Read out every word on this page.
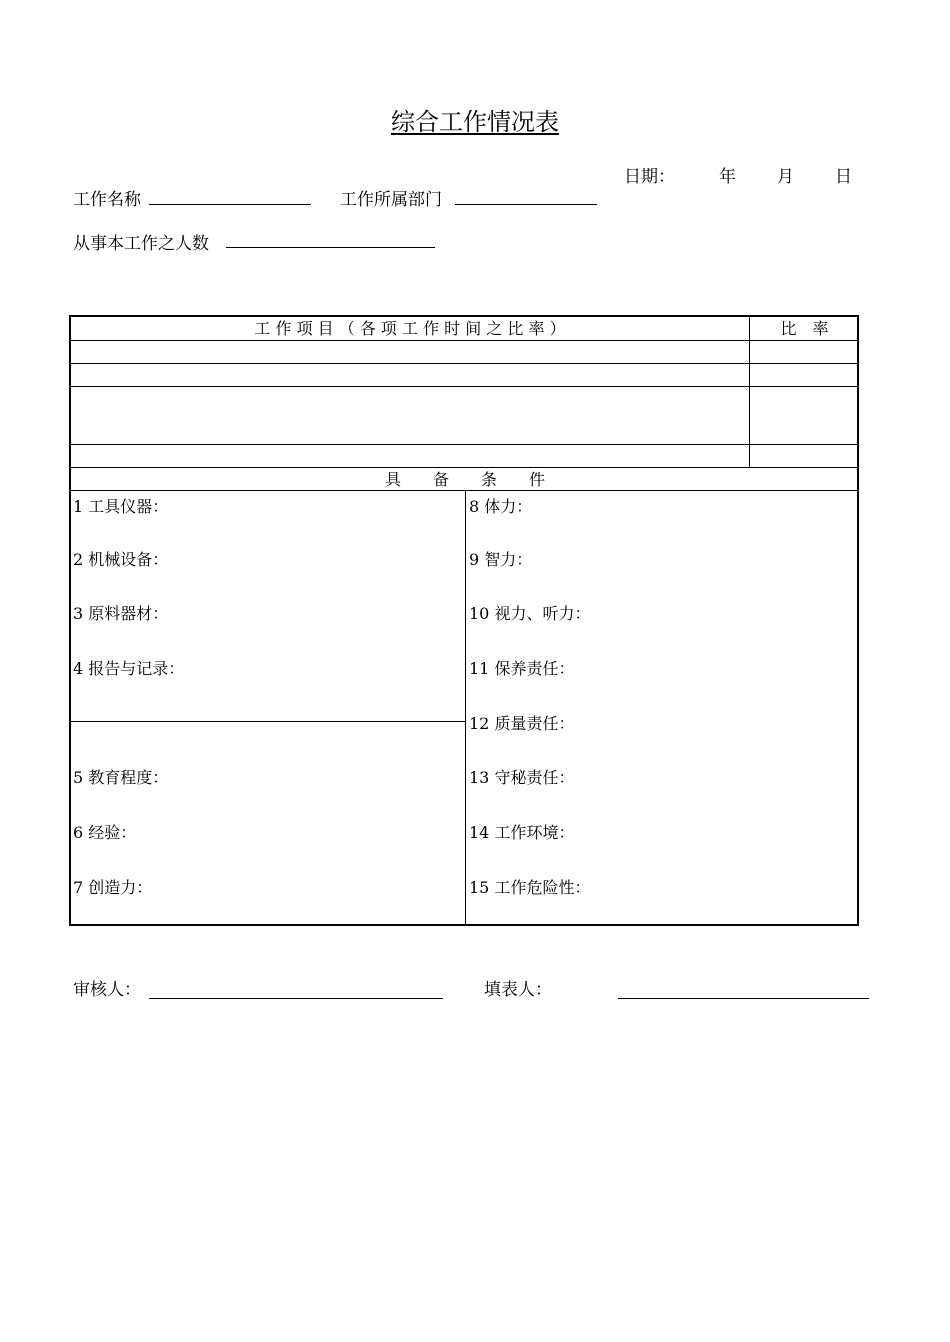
综合工作情况表
日期：	年 月 日
工作名称	工作所属部门
从事本工作之人数
工 作 项 目 （ 各 项 工 作 时 间 之 比 率 ）	比　率
具　　备　　条　　件
1 工具仪器：
2 机械设备：
3 原料器材：
4 报告与记录：
5 教育程度：
6 经验：
7 创造力：
8 体力：
9 智力：
10 视力、听力：
11 保养责任：
12 质量责任：
13 守秘责任：
14 工作环境：
15 工作危险性：
审核人：	填表人：
